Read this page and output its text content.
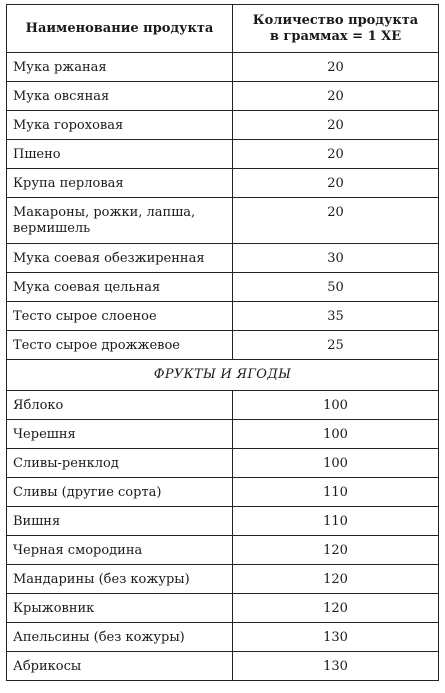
Наименование продукта	Количество продукта
в граммах = 1 ХЕ
Мука ржаная	20
Мука овсяная	20
Мука гороховая	20
Пшено	20
Крупа перловая	20
Макароны, рожки, лапша, вермишель	20
Мука соевая обезжиренная	30
Мука соевая цельная	50
Тесто сырое слоеное	35
Тесто сырое дрожжевое	25
ФРУКТЫ И ЯГОДЫ	
Яблоко	100
Черешня	100
Сливы-ренклод	100
Сливы (другие сорта)	110
Вишня	110
Черная смородина	120
Мандарины (без кожуры)	120
Крыжовник	120
Апельсины (без кожуры)	130
Абрикосы	130
